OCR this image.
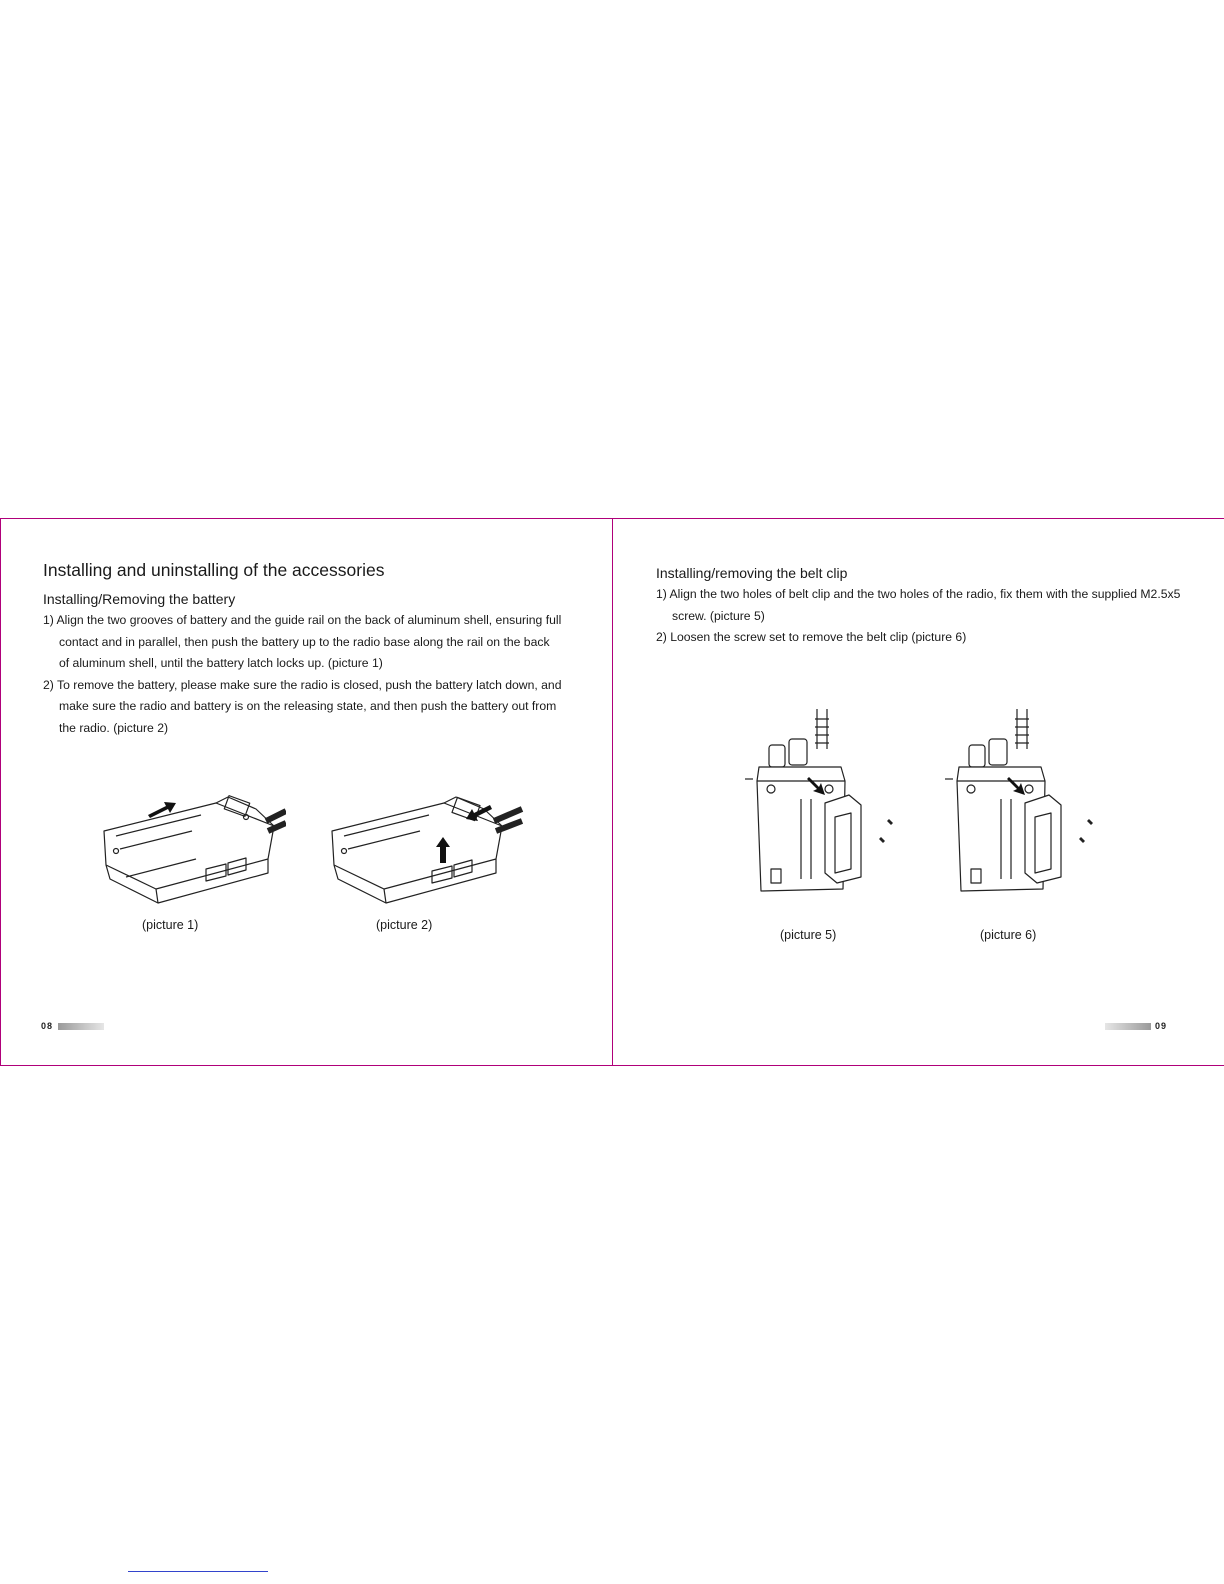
Installing and uninstalling of the accessories
Installing/Removing the battery
1) Align the two grooves of battery and the guide rail on the back of aluminum shell, ensuring full contact and in parallel, then push the battery up to the radio base along the rail on the back of aluminum shell, until the battery latch locks up. (picture 1)
2) To remove the battery, please make sure the radio is closed, push the battery latch down, and make sure the radio and battery is on the releasing state, and then push the battery out from the radio. (picture 2)
(picture 1)	(picture 2)
08
Installing/removing the belt clip
1) Align the two holes of belt clip and the two holes of the radio, fix them with the supplied M2.5x5 screw. (picture 5)
2) Loosen the screw set to remove the belt clip (picture 6)
(picture 5)	(picture 6)
09
